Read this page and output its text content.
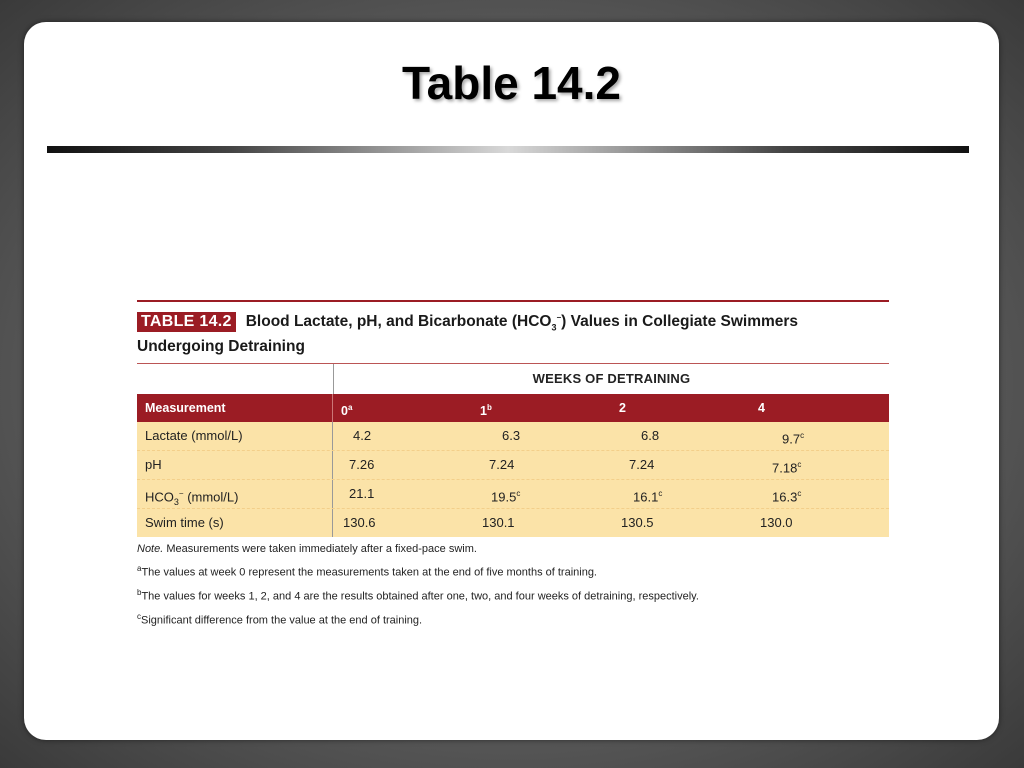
Table 14.2
TABLE 14.2 Blood Lactate, pH, and Bicarbonate $(HCO_3^-)$ Values in Collegiate Swimmers Undergoing Detraining
WEEKS OF DETRAINING
Measurement	0$^a$	1$^b$	2	4
Lactate (mmol/L)	4.2	6.3	6.8	9.7$^c$
pH	7.26	7.24	7.24	7.18$^c$
$HCO_3^-$ (mmol/L)	21.1	19.5$^c$	16.1$^c$	16.3$^c$
Swim time (s)	130.6	130.1	130.5	130.0
Note. Measurements were taken immediately after a fixed-pace swim.
$^a$The values at week 0 represent the measurements taken at the end of five months of training.
$^b$The values for weeks 1, 2, and 4 are the results obtained after one, two, and four weeks of detraining, respectively.
$^c$Significant difference from the value at the end of training.
